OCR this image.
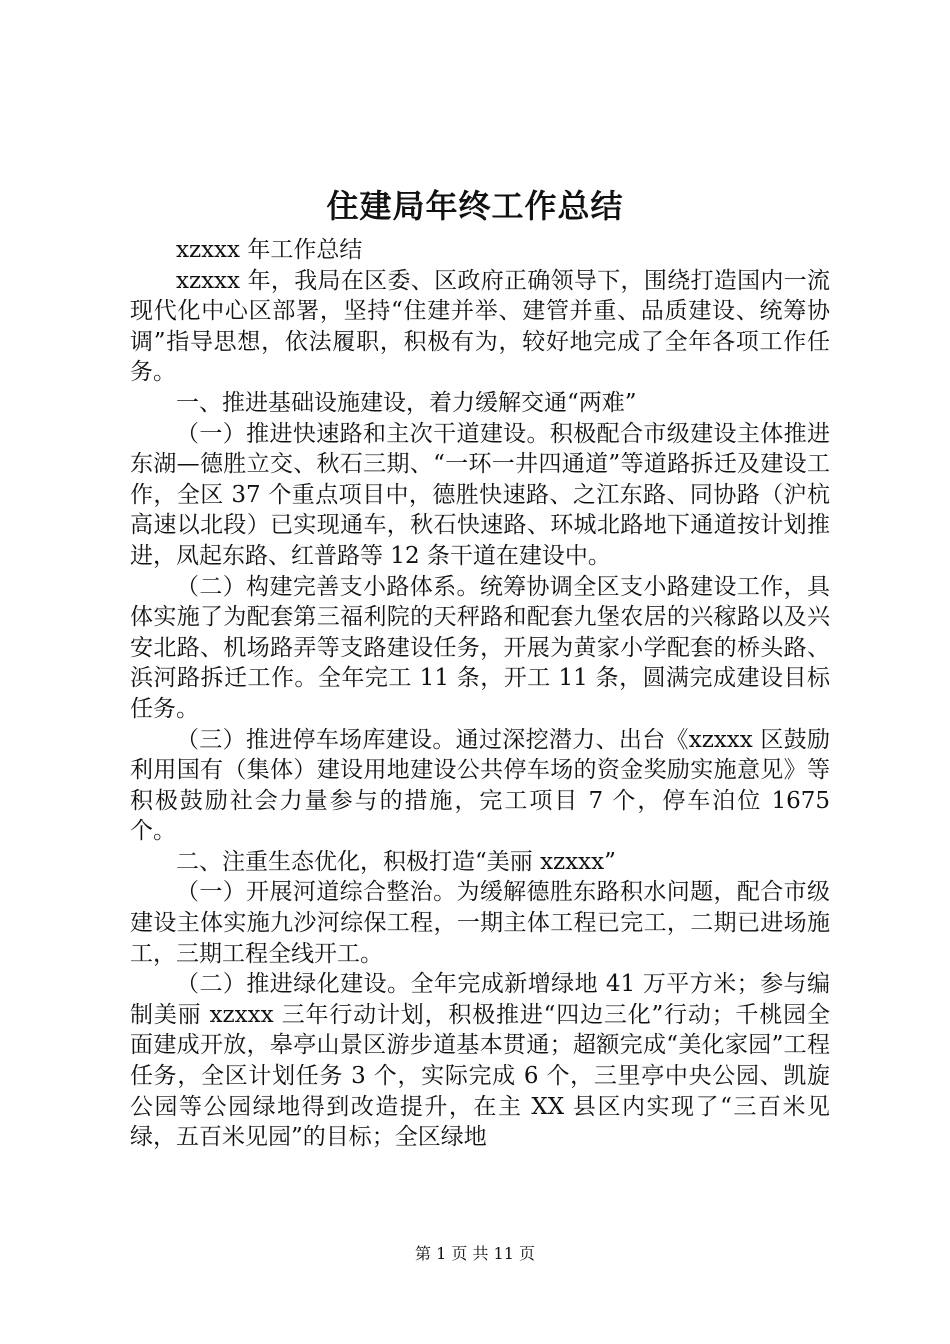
住建局年终工作总结

xzxxx 年工作总结

xzxxx 年，我局在区委、区政府正确领导下，围绕打造国内一流现代化中心区部署，坚持“住建并举、建管并重、品质建设、统筹协调”指导思想，依法履职，积极有为，较好地完成了全年各项工作任务。

一、推进基础设施建设，着力缓解交通“两难”

（一）推进快速路和主次干道建设。积极配合市级建设主体推进东湖—德胜立交、秋石三期、“一环一井四通道”等道路拆迁及建设工作，全区 37 个重点项目中，德胜快速路、之江东路、同协路（沪杭高速以北段）已实现通车，秋石快速路、环城北路地下通道按计划推进，凤起东路、红普路等 12 条干道在建设中。

（二）构建完善支小路体系。统筹协调全区支小路建设工作，具体实施了为配套第三福利院的天秤路和配套九堡农居的兴稼路以及兴安北路、机场路弄等支路建设任务，开展为黄家小学配套的桥头路、浜河路拆迁工作。全年完工 11 条，开工 11 条，圆满完成建设目标任务。

（三）推进停车场库建设。通过深挖潜力、出台《xzxxx 区鼓励利用国有（集体）建设用地建设公共停车场的资金奖励实施意见》等积极鼓励社会力量参与的措施，完工项目 7 个，停车泊位 1675 个。

二、注重生态优化，积极打造“美丽 xzxxx”

（一）开展河道综合整治。为缓解德胜东路积水问题，配合市级建设主体实施九沙河综保工程，一期主体工程已完工，二期已进场施工，三期工程全线开工。

（二）推进绿化建设。全年完成新增绿地 41 万平方米；参与编制美丽 xzxxx 三年行动计划，积极推进“四边三化”行动；千桃园全面建成开放，皋亭山景区游步道基本贯通；超额完成“美化家园”工程任务，全区计划任务 3 个，实际完成 6 个，三里亭中央公园、凯旋公园等公园绿地得到改造提升，在主 XX 县区内实现了“三百米见绿，五百米见园”的目标；全区绿地

第 1 页 共 11 页
